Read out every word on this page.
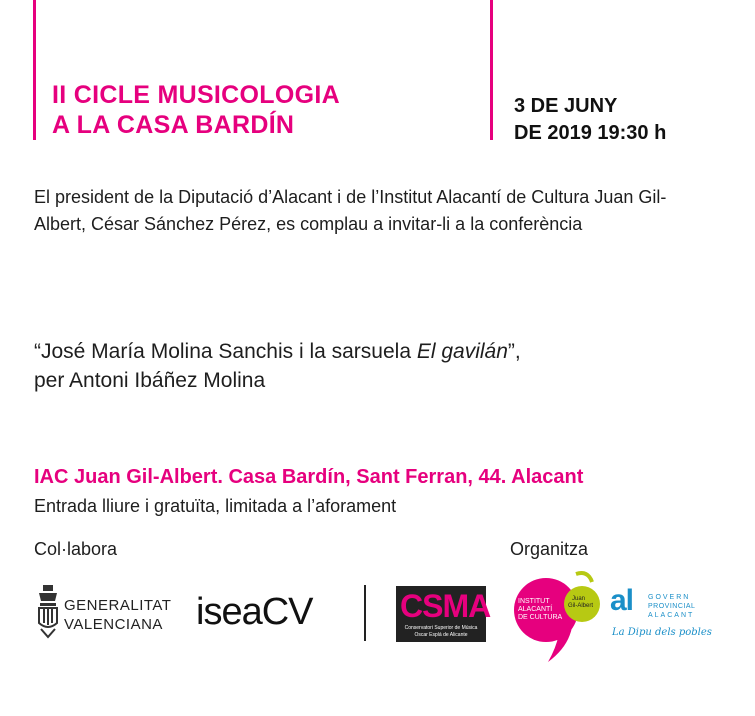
II CICLE MUSICOLOGIA
A LA CASA BARDÍN
3 DE JUNY
DE 2019 19:30 h
El president de la Diputació d’Alacant i de l’Institut Alacantí de Cultura Juan Gil-Albert, César Sánchez Pérez, es complau a invitar-li a la conferència
“José María Molina Sanchis i la sarsuela El gavilán”,
per Antoni Ibáñez Molina
IAC Juan Gil-Albert. Casa Bardín, Sant Ferran, 44. Alacant
Entrada lliure i gratuïta, limitada a l’aforament
Col·labora	Organitza
GENERALITAT
VALENCIANA iseaCV	CSMA
Conservatori Superior de Música
Òscar Esplá de Alicante
INSTITUT
ALACANTÍ
DE CULTURA
Juan
Gil-Albert al GOVERN
PROVINCIAL
ALACANT
La Dipu dels pobles
